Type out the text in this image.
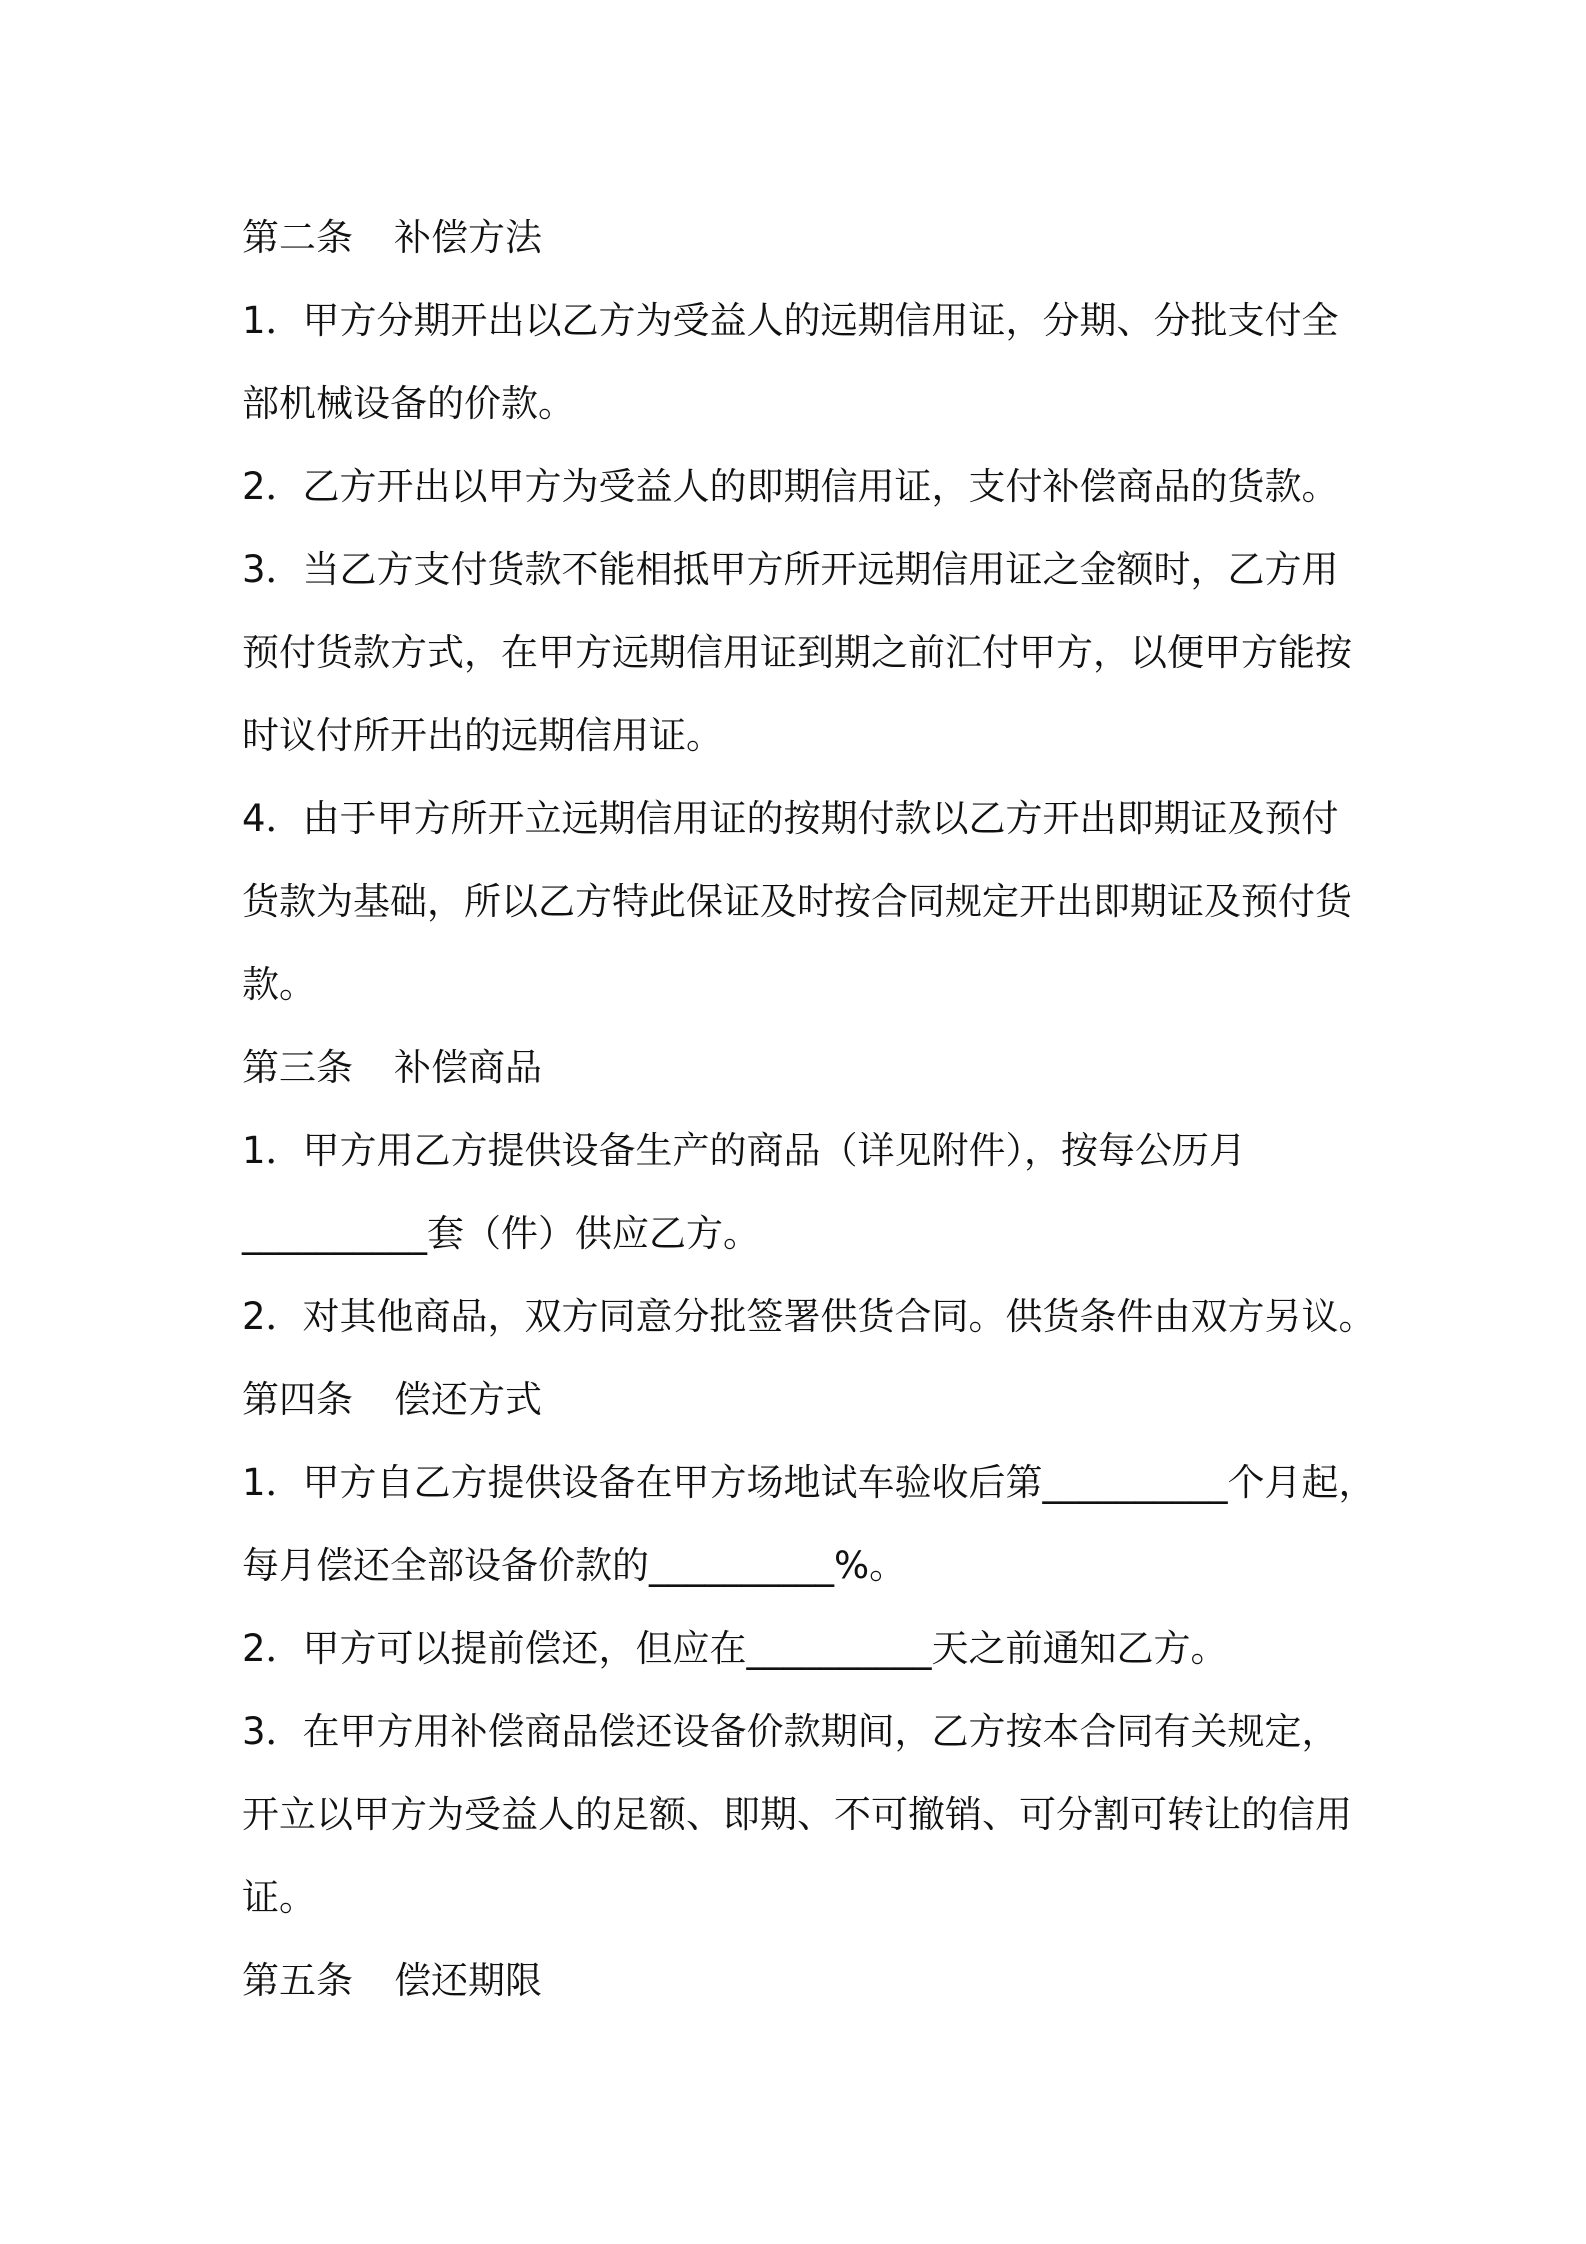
第二条 补偿方法
1．甲方分期开出以乙方为受益人的远期信用证，分期、分批支付全
部机械设备的价款。
2．乙方开出以甲方为受益人的即期信用证，支付补偿商品的货款。
3．当乙方支付货款不能相抵甲方所开远期信用证之金额时，乙方用
预付货款方式，在甲方远期信用证到期之前汇付甲方，以便甲方能按
时议付所开出的远期信用证。
4．由于甲方所开立远期信用证的按期付款以乙方开出即期证及预付
货款为基础，所以乙方特此保证及时按合同规定开出即期证及预付货
款。
第三条 补偿商品
1．甲方用乙方提供设备生产的商品（详见附件），按每公历月
__________套（件）供应乙方。
2．对其他商品，双方同意分批签署供货合同。供货条件由双方另议。
第四条 偿还方式
1．甲方自乙方提供设备在甲方场地试车验收后第__________个月起，
每月偿还全部设备价款的__________%。
2．甲方可以提前偿还，但应在__________天之前通知乙方。
3．在甲方用补偿商品偿还设备价款期间，乙方按本合同有关规定，
开立以甲方为受益人的足额、即期、不可撤销、可分割可转让的信用
证。
第五条 偿还期限
